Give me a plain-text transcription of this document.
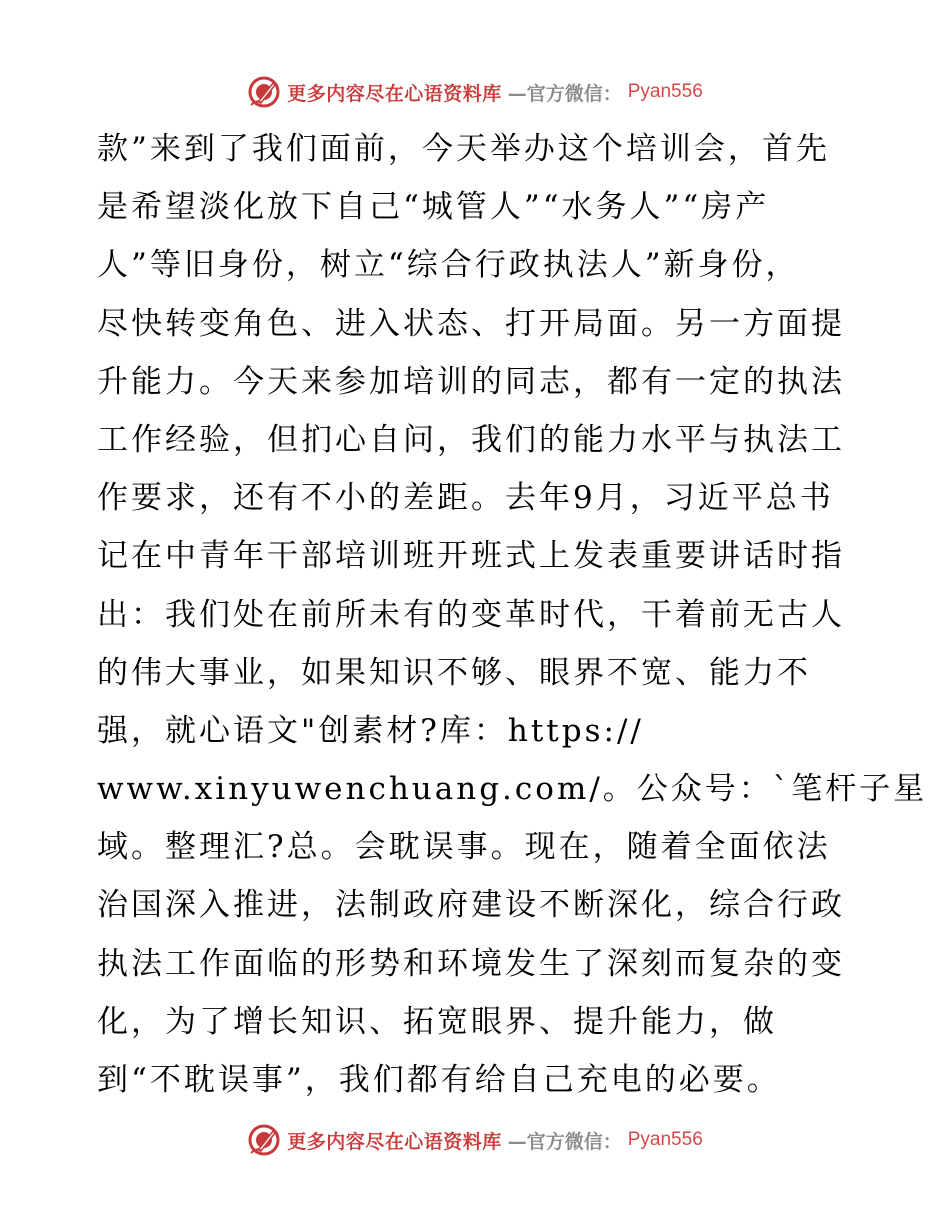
更多内容尽在心语资料库 —官方微信： Pyan556
款”来到了我们面前，今天举办这个培训会，首先
是希望淡化放下自己“城管人”“水务人”“房产
人”等旧身份，树立“综合行政执法人”新身份，
尽快转变角色、进入状态、打开局面。另一方面提
升能力。今天来参加培训的同志，都有一定的执法
工作经验，但扪心自问，我们的能力水平与执法工
作要求，还有不小的差距。去年9月，习近平总书
记在中青年干部培训班开班式上发表重要讲话时指
出：我们处在前所未有的变革时代，干着前无古人
的伟大事业，如果知识不够、眼界不宽、能力不
强，就心语文"创素材?库：https://
www.xinyuwenchuang.com/。公众号：`笔杆子星
域。整理汇?总。会耽误事。现在，随着全面依法
治国深入推进，法制政府建设不断深化，综合行政
执法工作面临的形势和环境发生了深刻而复杂的变
化，为了增长知识、拓宽眼界、提升能力，做
到“不耽误事”，我们都有给自己充电的必要。
更多内容尽在心语资料库 —官方微信： Pyan556
